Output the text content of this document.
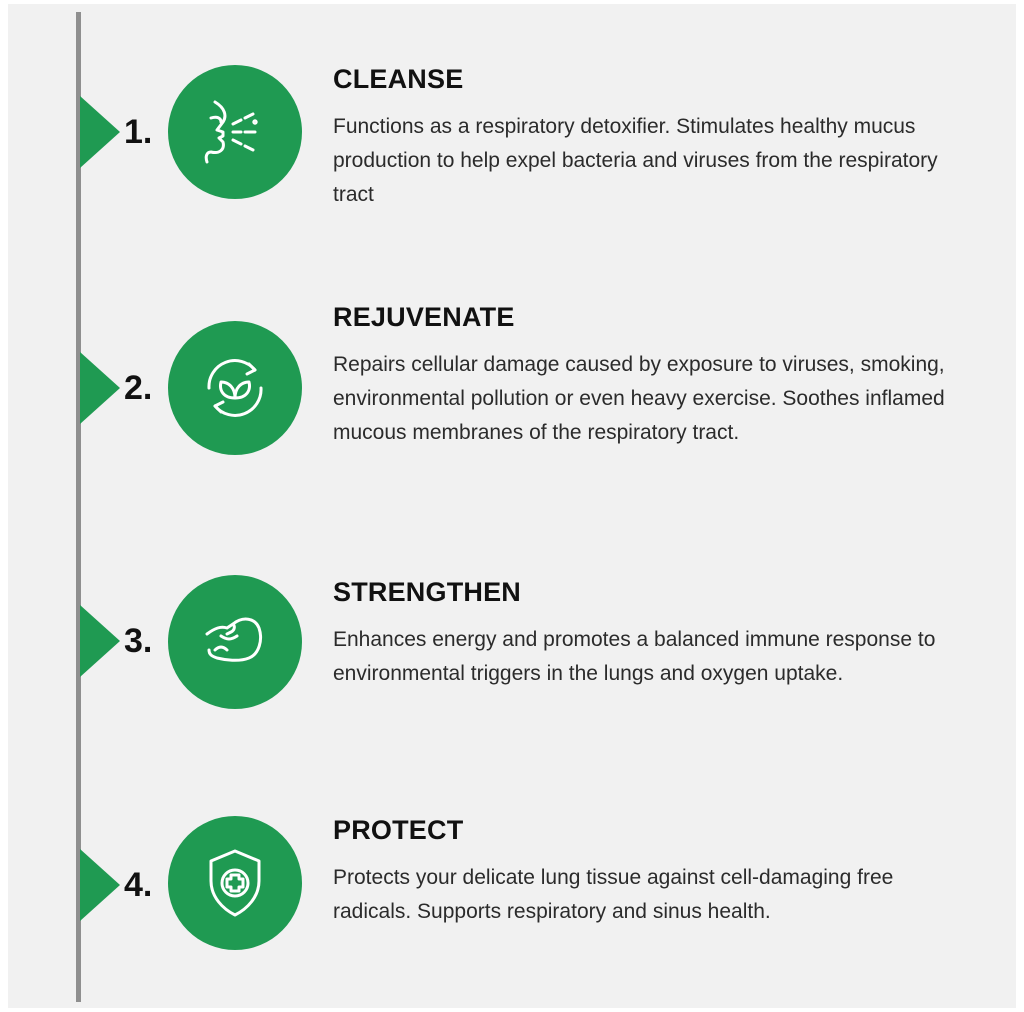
1.
CLEANSE
Functions as a respiratory detoxifier. Stimulates healthy mucus production to help expel bacteria and viruses from the respiratory tract
2.
REJUVENATE
Repairs cellular damage caused by exposure to viruses, smoking, environmental pollution or even heavy exercise. Soothes inflamed mucous membranes of the respiratory tract.
3.
STRENGTHEN
Enhances energy and promotes a balanced immune response to environmental triggers in the lungs and oxygen uptake.
4.
PROTECT
Protects your delicate lung tissue against cell-damaging free radicals. Supports respiratory and sinus health.
